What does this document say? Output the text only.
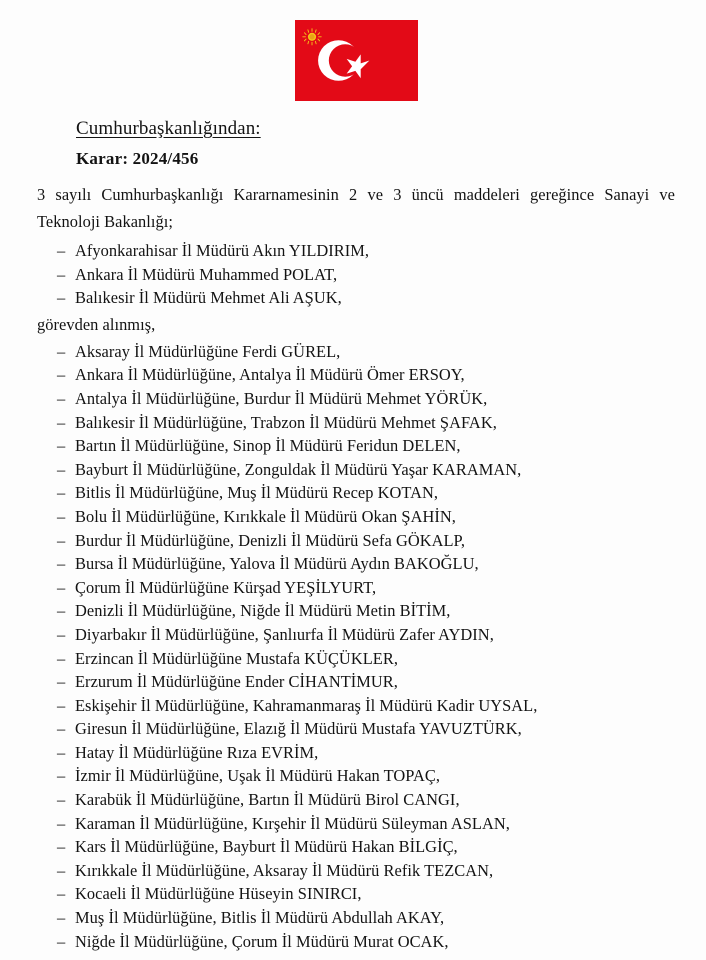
Cumhurbaşkanlığından:
Karar: 2024/456

3 sayılı Cumhurbaşkanlığı Kararnamesinin 2 ve 3 üncü maddeleri gereğince Sanayi ve Teknoloji Bakanlığı;

– Afyonkarahisar İl Müdürü Akın YILDIRIM,
– Ankara İl Müdürü Muhammed POLAT,
– Balıkesir İl Müdürü Mehmet Ali AŞUK,

görevden alınmış,

– Aksaray İl Müdürlüğüne Ferdi GÜREL,
– Ankara İl Müdürlüğüne, Antalya İl Müdürü Ömer ERSOY,
– Antalya İl Müdürlüğüne, Burdur İl Müdürü Mehmet YÖRÜK,
– Balıkesir İl Müdürlüğüne, Trabzon İl Müdürü Mehmet ŞAFAK,
– Bartın İl Müdürlüğüne, Sinop İl Müdürü Feridun DELEN,
– Bayburt İl Müdürlüğüne, Zonguldak İl Müdürü Yaşar KARAMAN,
– Bitlis İl Müdürlüğüne, Muş İl Müdürü Recep KOTAN,
– Bolu İl Müdürlüğüne, Kırıkkale İl Müdürü Okan ŞAHİN,
– Burdur İl Müdürlüğüne, Denizli İl Müdürü Sefa GÖKALP,
– Bursa İl Müdürlüğüne, Yalova İl Müdürü Aydın BAKOĞLU,
– Çorum İl Müdürlüğüne Kürşad YEŞİLYURT,
– Denizli İl Müdürlüğüne, Niğde İl Müdürü Metin BİTİM,
– Diyarbakır İl Müdürlüğüne, Şanlıurfa İl Müdürü Zafer AYDIN,
– Erzincan İl Müdürlüğüne Mustafa KÜÇÜKLER,
– Erzurum İl Müdürlüğüne Ender CİHANTİMUR,
– Eskişehir İl Müdürlüğüne, Kahramanmaraş İl Müdürü Kadir UYSAL,
– Giresun İl Müdürlüğüne, Elazığ İl Müdürü Mustafa YAVUZTÜRK,
– Hatay İl Müdürlüğüne Rıza EVRİM,
– İzmir İl Müdürlüğüne, Uşak İl Müdürü Hakan TOPAÇ,
– Karabük İl Müdürlüğüne, Bartın İl Müdürü Birol CANGI,
– Karaman İl Müdürlüğüne, Kırşehir İl Müdürü Süleyman ASLAN,
– Kars İl Müdürlüğüne, Bayburt İl Müdürü Hakan BİLGİÇ,
– Kırıkkale İl Müdürlüğüne, Aksaray İl Müdürü Refik TEZCAN,
– Kocaeli İl Müdürlüğüne Hüseyin SINIRCI,
– Muş İl Müdürlüğüne, Bitlis İl Müdürü Abdullah AKAY,
– Niğde İl Müdürlüğüne, Çorum İl Müdürü Murat OCAK,
